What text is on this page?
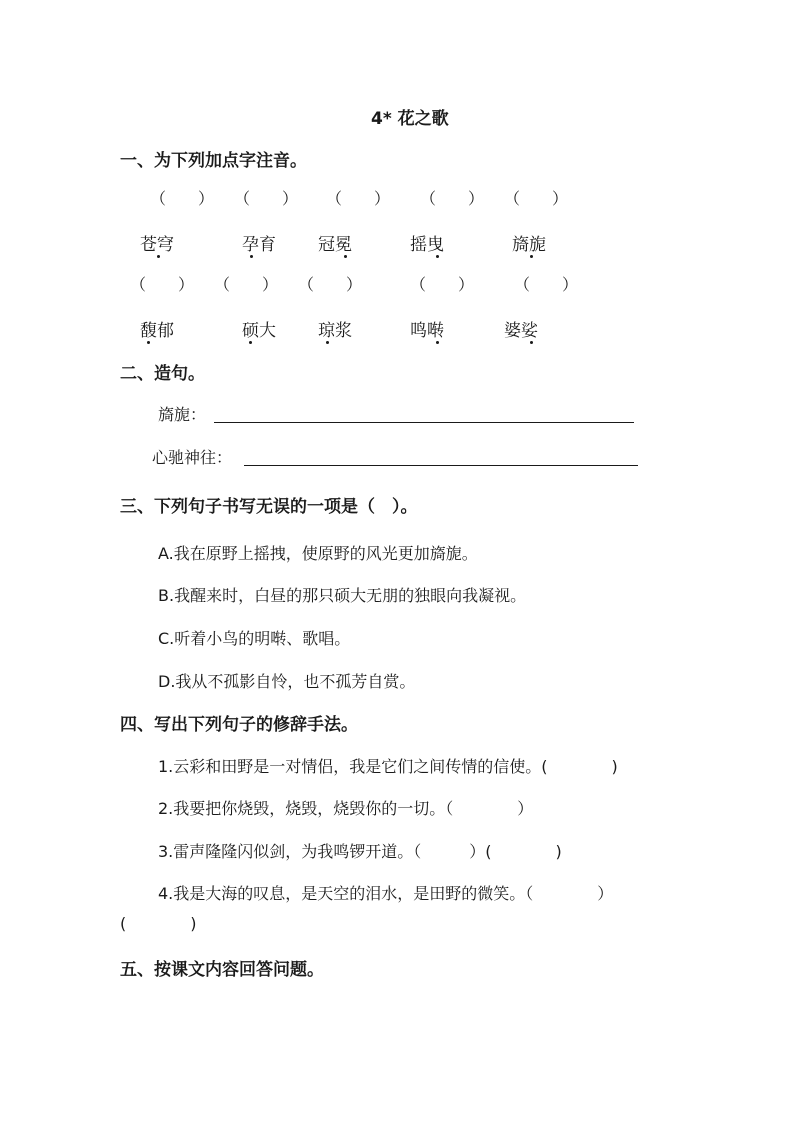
4* 花之歌
一、为下列加点字注音。
（　　） （　　） （　　） （　　） （　　）
苍穹	孕育 冠冕	摇曳	旖旎
（　　） （　　） （　　）	（　　） （　　）
馥郁	硕大 琼浆	鸣啭	婆娑
二、造句。
旖旎：
心驰神往：
三、下列句子书写无误的一项是（　）。
A.我在原野上摇拽，使原野的风光更加旖旎。
B.我醒来时，白昼的那只硕大无朋的独眼向我凝视。
C.听着小鸟的明啭、歌唱。
D.我从不孤影自怜，也不孤芳自赏。
四、写出下列句子的修辞手法。
1.云彩和田野是一对情侣，我是它们之间传情的信使。(　　　　)
2.我要把你烧毁，烧毁，烧毁你的一切。（　　　　）
3.雷声隆隆闪似剑，为我鸣锣开道。（　　　）(　　　　)
4.我是大海的叹息，是天空的泪水，是田野的微笑。（　　　　）
(　　　　)
五、按课文内容回答问题。
